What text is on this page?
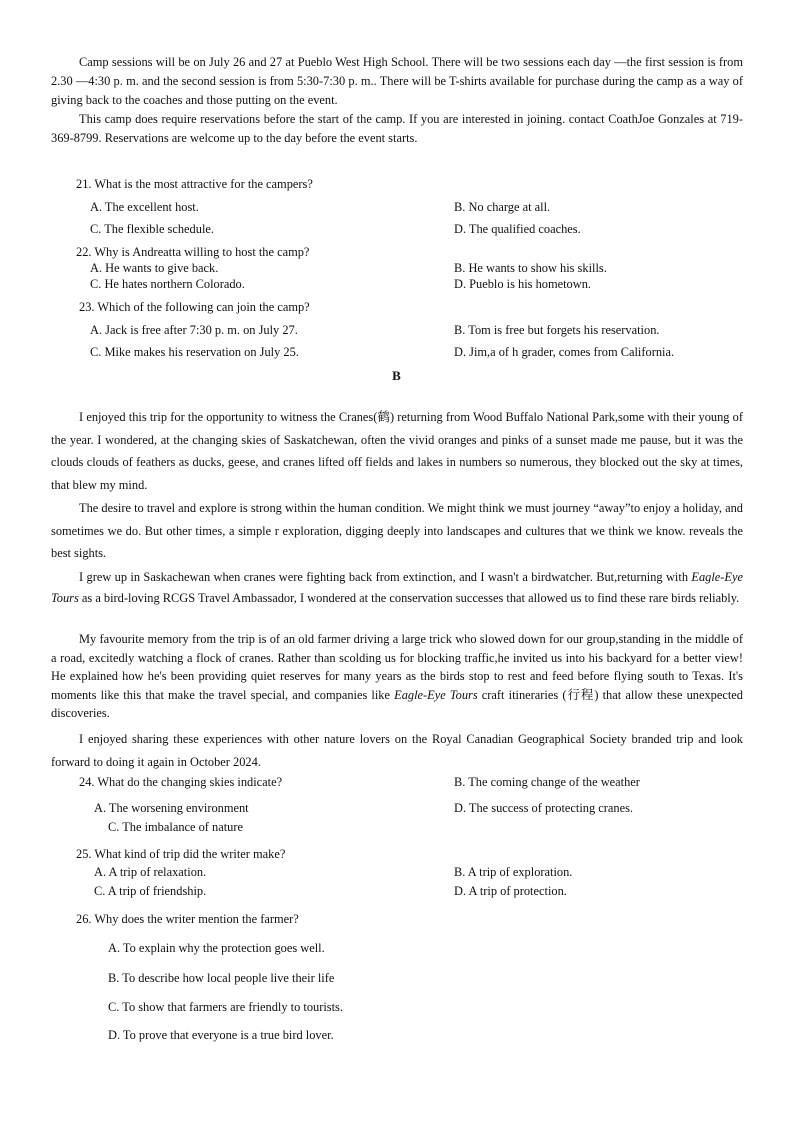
Camp sessions will be on July 26 and 27 at Pueblo West High School. There will be two sessions each day —the first session is from 2.30 —4:30 p. m. and the second session is from 5:30-7:30 p. m.. There will be T-shirts available for purchase during the camp as a way of giving back to the coaches and those putting on the event.

This camp does require reservations before the start of the camp. If you are interested in joining. contact CoathJoe Gonzales at 719-369-8799. Reservations are welcome up to the day before the event starts.

21. What is the most attractive for the campers?
A. The excellent host.	B. No charge at all.
C. The flexible schedule.	D. The qualified coaches.
22. Why is Andreatta willing to host the camp?
A. He wants to give back.	B. He wants to show his skills.
C. He hates northern Colorado.	D. Pueblo is his hometown.
23. Which of the following can join the camp?
A. Jack is free after 7:30 p. m. on July 27.	B. Tom is free but forgets his reservation.
C. Mike makes his reservation on July 25.	D. Jim,a of h grader, comes from California.
B

I enjoyed this trip for the opportunity to witness the Cranes(鹤) returning from Wood Buffalo National Park,some with their young of the year. I wondered, at the changing skies of Saskatchewan, often the vivid oranges and pinks of a sunset made me pause, but it was the clouds clouds of feathers as ducks, geese, and cranes lifted off fields and lakes in numbers so numerous, they blocked out the sky at times, that blew my mind.

The desire to travel and explore is strong within the human condition. We might think we must journey “away”to enjoy a holiday, and sometimes we do. But other times, a simple r exploration, digging deeply into landscapes and cultures that we think we know. reveals the best sights.

I grew up in Saskachewan when cranes were fighting back from extinction, and I wasn't a birdwatcher. But,returning with Eagle-Eye Tours as a bird-loving RCGS Travel Ambassador, I wondered at the conservation successes that allowed us to find these rare birds reliably.

My favourite memory from the trip is of an old farmer driving a large trick who slowed down for our group,standing in the middle of a road, excitedly watching a flock of cranes. Rather than scolding us for blocking traffic,he invited us into his backyard for a better view! He explained how he's been providing quiet reserves for many years as the birds stop to rest and feed before flying south to Texas. It's moments like this that make the travel special, and companies like Eagle-Eye Tours craft itineraries (行程) that allow these unexpected discoveries.

I enjoyed sharing these experiences with other nature lovers on the Royal Canadian Geographical Society branded trip and look forward to doing it again in October 2024.

24. What do the changing skies indicate?	B. The coming change of the weather
A. The worsening environment	D. The success of protecting cranes.
C. The imbalance of nature
25. What kind of trip did the writer make?
A. A trip of relaxation.	B. A trip of exploration.
C. A trip of friendship.	D. A trip of protection.
26. Why does the writer mention the farmer?
A. To explain why the protection goes well.
B. To describe how local people live their life
C. To show that farmers are friendly to tourists.
D. To prove that everyone is a true bird lover.
